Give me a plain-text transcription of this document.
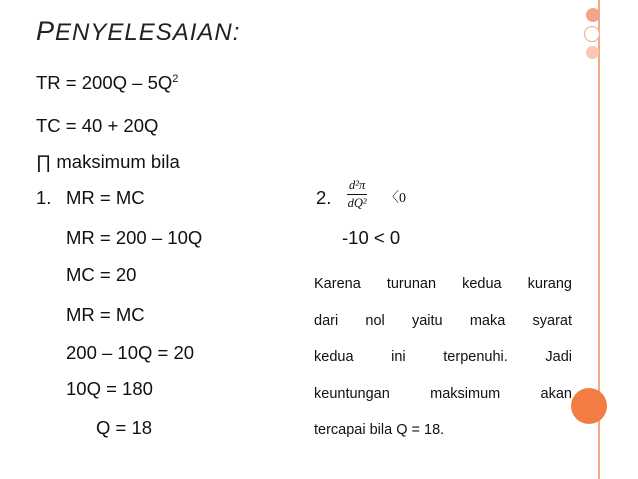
PENYELESAIAN:
TR = $200Q - 5Q^2$
TC = 40 + 20Q
∏ maksimum bila
1. MR = MC
MR = 200 – 10Q
MC = 20
MR = MC
200 – 10Q = 20
10Q = 180
Q = 18
2. $\frac{\text{d²π}}{\text{dQ²}}$ 〈0
-10 < 0
Karena turunan kedua kurang
dari nol yaitu maka syarat
kedua ini terpenuhi. Jadi
keuntungan maksimum akan
tercapai bila Q = 18.
